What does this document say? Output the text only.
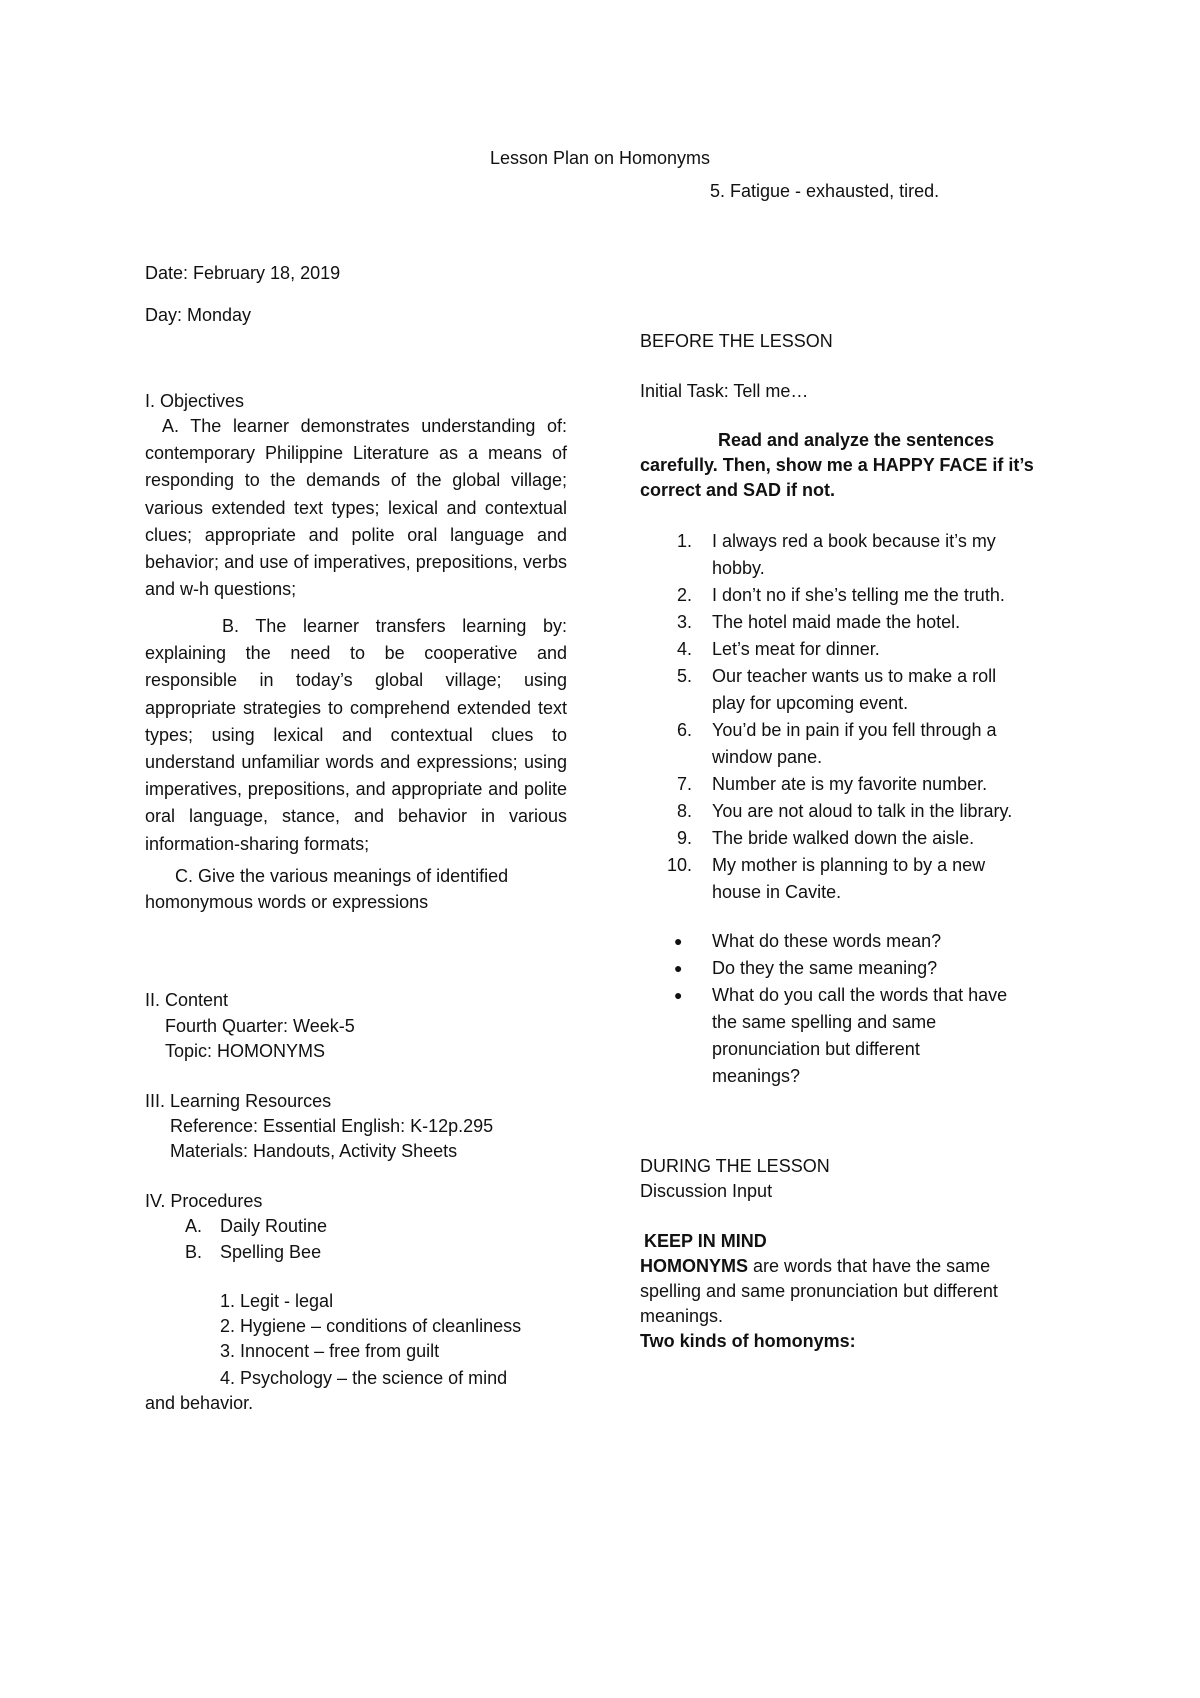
Lesson Plan on Homonyms
Date: February 18, 2019
Day: Monday
I. Objectives
A. The learner demonstrates understanding of: contemporary Philippine Literature as a means of responding to the demands of the global village; various extended text types; lexical and contextual clues; appropriate and polite oral language and behavior; and use of imperatives, prepositions, verbs and w-h questions;
B. The learner transfers learning by: explaining the need to be cooperative and responsible in today’s global village; using appropriate strategies to comprehend extended text types; using lexical and contextual clues to understand unfamiliar words and expressions; using imperatives, prepositions, and appropriate and polite oral language, stance, and behavior in various information-sharing formats;
C. Give the various meanings of identified
homonymous words or expressions
II. Content
Fourth Quarter: Week-5
Topic: HOMONYMS
III. Learning Resources
Reference: Essential English: K-12p.295
Materials: Handouts, Activity Sheets
IV. Procedures
A. Daily Routine
B. Spelling Bee
1. Legit - legal
2. Hygiene – conditions of cleanliness
3. Innocent – free from guilt
4. Psychology – the science of mind
and behavior.
5. Fatigue - exhausted, tired.
BEFORE THE LESSON
Initial Task: Tell me…
Read and analyze the sentences
carefully. Then, show me a HAPPY FACE if it’s
correct and SAD if not.
1. I always red a book because it’s my
hobby.
2. I don’t no if she’s telling me the truth.
3. The hotel maid made the hotel.
4. Let’s meat for dinner.
5. Our teacher wants us to make a roll
play for upcoming event.
6. You’d be in pain if you fell through a
window pane.
7. Number ate is my favorite number.
8. You are not aloud to talk in the library.
9. The bride walked down the aisle.
10. My mother is planning to by a new
house in Cavite.
● What do these words mean?
● Do they the same meaning?
● What do you call the words that have
the same spelling and same
pronunciation but different
meanings?
DURING THE LESSON
Discussion Input
KEEP IN MIND
HOMONYMS are words that have the same
spelling and same pronunciation but different
meanings.
Two kinds of homonyms:
